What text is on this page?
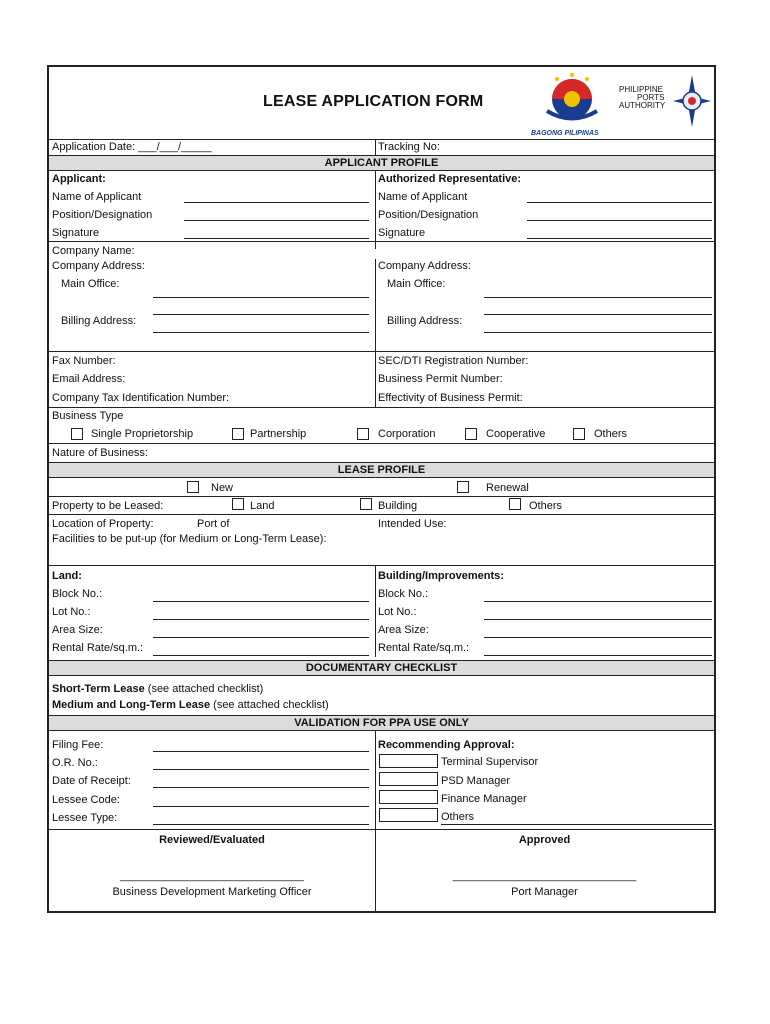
LEASE APPLICATION FORM
BAGONG PILIPINAS
PHILIPPINE
PORTS
AUTHORITY
Application Date: ___/___/_____	Tracking No:
APPLICANT PROFILE
Applicant:	Authorized Representative:
Name of Applicant	Name of Applicant
Position/Designation	Position/Designation
Signature	Signature
Company Name:
Company Address:	Company Address:
Main Office:	Main Office:
Billing Address:	Billing Address:
Fax Number:	SEC/DTI Registration Number:
Email Address:	Business Permit Number:
Company Tax Identification Number:	Effectivity of Business Permit:
Business Type
Single Proprietorship	Partnership	Corporation	Cooperative	Others
Nature of Business:
LEASE PROFILE
New	Renewal
Property to be Leased:	Land	Building	Others
Location of Property:	Port of	Intended Use:
Facilities to be put-up (for Medium or Long-Term Lease):
Land:	Building/Improvements:
Block No.:	Block No.:
Lot No.:	Lot No.:
Area Size:	Area Size:
Rental Rate/sq.m.:	Rental Rate/sq.m.:
DOCUMENTARY CHECKLIST
Short-Term Lease (see attached checklist)
Medium and Long-Term Lease (see attached checklist)
VALIDATION FOR PPA USE ONLY
Filing Fee:
O.R. No.:
Date of Receipt:
Lessee Code:
Lessee Type:
Recommending Approval:
Terminal Supervisor
PSD Manager
Finance Manager
Others
Reviewed/Evaluated	Approved
______________________________	______________________________
Business Development Marketing Officer	Port Manager
